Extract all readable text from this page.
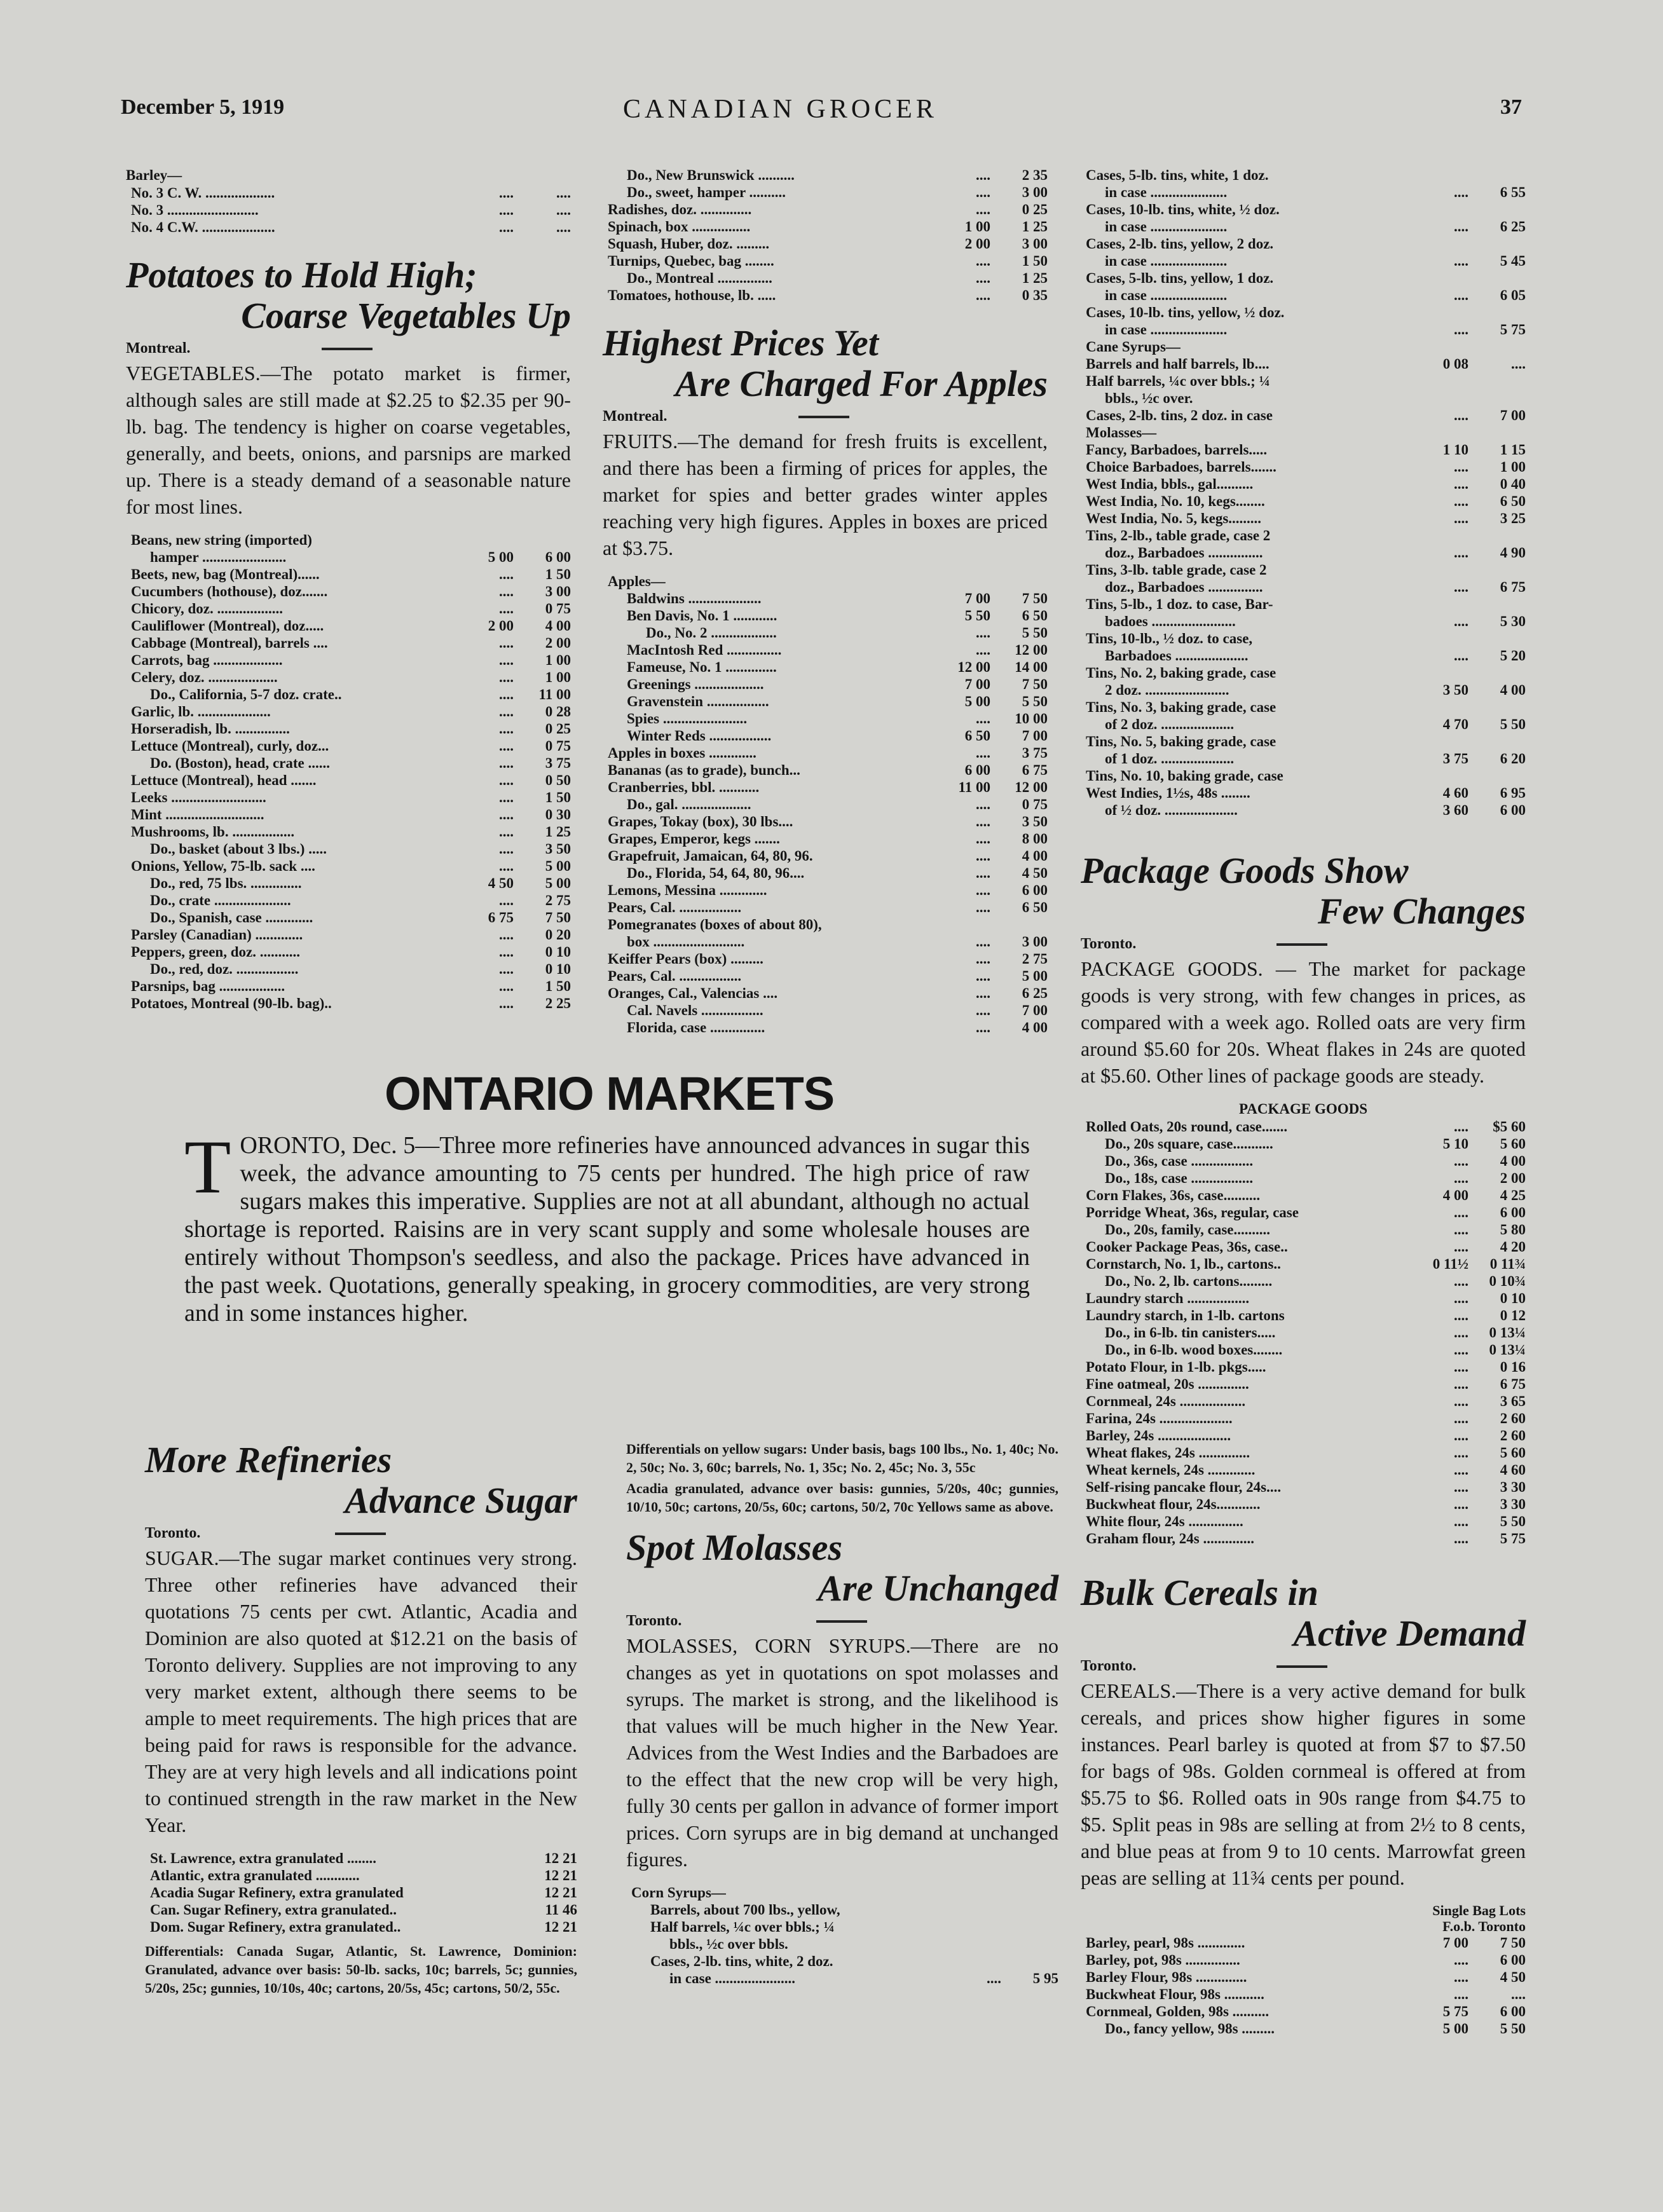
December 5, 1919	CANADIAN GROCER	37
Barley—
No. 3 C. W. ...................	....	....
No. 3 .........................	....	....
No. 4 C.W. ....................	....	....
Potatoes to Hold High;
Coarse Vegetables Up
Montreal.
VEGETABLES.—The potato market is firmer, although sales are still made at $2.25 to $2.35 per 90-lb. bag. The tendency is higher on coarse vegetables, generally, and beets, onions, and parsnips are marked up. There is a steady demand of a seasonable nature for most lines.
Beans, new string (imported)		
hamper .......................	5 00	6 00
Beets, new, bag (Montreal)......	....	1 50
Cucumbers (hothouse), doz.......	....	3 00
Chicory, doz. ..................	....	0 75
Cauliflower (Montreal), doz.....	2 00	4 00
Cabbage (Montreal), barrels ....	....	2 00
Carrots, bag ...................	....	1 00
Celery, doz. ...................	....	1 00
Do., California, 5-7 doz. crate..	....	11 00
Garlic, lb. ....................	....	0 28
Horseradish, lb. ...............	....	0 25
Lettuce (Montreal), curly, doz...	....	0 75
Do. (Boston), head, crate ......	....	3 75
Lettuce (Montreal), head .......	....	0 50
Leeks ..........................	....	1 50
Mint ...........................	....	0 30
Mushrooms, lb. .................	....	1 25
Do., basket (about 3 lbs.) .....	....	3 50
Onions, Yellow, 75-lb. sack ....	....	5 00
Do., red, 75 lbs. ..............	4 50	5 00
Do., crate .....................	....	2 75
Do., Spanish, case .............	6 75	7 50
Parsley (Canadian) .............	....	0 20
Peppers, green, doz. ...........	....	0 10
Do., red, doz. .................	....	0 10
Parsnips, bag ..................	....	1 50
Potatoes, Montreal (90-lb. bag)..	....	2 25
Do., New Brunswick ..........	....	2 35
Do., sweet, hamper ..........	....	3 00
Radishes, doz. ..............	....	0 25
Spinach, box ................	1 00	1 25
Squash, Huber, doz. .........	2 00	3 00
Turnips, Quebec, bag ........	....	1 50
Do., Montreal ...............	....	1 25
Tomatoes, hothouse, lb. .....	....	0 35
Highest Prices Yet
Are Charged For Apples
Montreal.
FRUITS.—The demand for fresh fruits is excellent, and there has been a firming of prices for apples, the market for spies and better grades winter apples reaching very high figures. Apples in boxes are priced at $3.75.
Apples—		
Baldwins ....................	7 00	7 50
Ben Davis, No. 1 ............	5 50	6 50
Do., No. 2 ..................	....	5 50
MacIntosh Red ...............	....	12 00
Fameuse, No. 1 ..............	12 00	14 00
Greenings ...................	7 00	7 50
Gravenstein .................	5 00	5 50
Spies .......................	....	10 00
Winter Reds .................	6 50	7 00
Apples in boxes .............	....	3 75
Bananas (as to grade), bunch...	6 00	6 75
Cranberries, bbl. ...........	11 00	12 00
Do., gal. ...................	....	0 75
Grapes, Tokay (box), 30 lbs....	....	3 50
Grapes, Emperor, kegs .......	....	8 00
Grapefruit, Jamaican, 64, 80, 96.	....	4 00
Do., Florida, 54, 64, 80, 96....	....	4 50
Lemons, Messina .............	....	6 00
Pears, Cal. .................	....	6 50
Pomegranates (boxes of about 80),		
box .........................	....	3 00
Keiffer Pears (box) .........	....	2 75
Pears, Cal. .................	....	5 00
Oranges, Cal., Valencias ....	....	6 25
Cal. Navels .................	....	7 00
Florida, case ...............	....	4 00
Cases, 5-lb. tins, white, 1 doz.		
in case .....................	....	6 55
Cases, 10-lb. tins, white, ½ doz.		
in case .....................	....	6 25
Cases, 2-lb. tins, yellow, 2 doz.		
in case .....................	....	5 45
Cases, 5-lb. tins, yellow, 1 doz.		
in case .....................	....	6 05
Cases, 10-lb. tins, yellow, ½ doz.		
in case .....................	....	5 75
Cane Syrups—		
Barrels and half barrels, lb....	0 08	....
Half barrels, ¼c over bbls.; ¼		
bbls., ½c over.		
Cases, 2-lb. tins, 2 doz. in case	....	7 00
Molasses—		
Fancy, Barbadoes, barrels.....	1 10	1 15
Choice Barbadoes, barrels.......	....	1 00
West India, bbls., gal..........	....	0 40
West India, No. 10, kegs........	....	6 50
West India, No. 5, kegs.........	....	3 25
Tins, 2-lb., table grade, case 2		
doz., Barbadoes ...............	....	4 90
Tins, 3-lb. table grade, case 2		
doz., Barbadoes ...............	....	6 75
Tins, 5-lb., 1 doz. to case, Bar-		
badoes .......................	....	5 30
Tins, 10-lb., ½ doz. to case,		
Barbadoes ....................	....	5 20
Tins, No. 2, baking grade, case		
2 doz. .......................	3 50	4 00
Tins, No. 3, baking grade, case		
of 2 doz. ....................	4 70	5 50
Tins, No. 5, baking grade, case		
of 1 doz. ....................	3 75	6 20
Tins, No. 10, baking grade, case		
West Indies, 1½s, 48s ........	4 60	6 95
of ½ doz. ....................	3 60	6 00
Package Goods Show
Few Changes
Toronto.
PACKAGE GOODS. — The market for package goods is very strong, with few changes in prices, as compared with a week ago. Rolled oats are very firm around $5.60 for 20s. Wheat flakes in 24s are quoted at $5.60. Other lines of package goods are steady.
PACKAGE GOODS
Rolled Oats, 20s round, case.......	....	$5 60
Do., 20s square, case...........	5 10	5 60
Do., 36s, case .................	....	4 00
Do., 18s, case .................	....	2 00
Corn Flakes, 36s, case..........	4 00	4 25
Porridge Wheat, 36s, regular, case	....	6 00
Do., 20s, family, case..........	....	5 80
Cooker Package Peas, 36s, case..	....	4 20
Cornstarch, No. 1, lb., cartons..	0 11½	0 11¾
Do., No. 2, lb. cartons.........	....	0 10¾
Laundry starch .................	....	0 10
Laundry starch, in 1-lb. cartons	....	0 12
Do., in 6-lb. tin canisters.....	....	0 13¼
Do., in 6-lb. wood boxes........	....	0 13¼
Potato Flour, in 1-lb. pkgs.....	....	0 16
Fine oatmeal, 20s ..............	....	6 75
Cornmeal, 24s ..................	....	3 65
Farina, 24s ....................	....	2 60
Barley, 24s ....................	....	2 60
Wheat flakes, 24s ..............	....	5 60
Wheat kernels, 24s .............	....	4 60
Self-rising pancake flour, 24s....	....	3 30
Buckwheat flour, 24s............	....	3 30
White flour, 24s ...............	....	5 50
Graham flour, 24s ..............	....	5 75
Bulk Cereals in
Active Demand
Toronto.
CEREALS.—There is a very active demand for bulk cereals, and prices show higher figures in some instances. Pearl barley is quoted at from $7 to $7.50 for bags of 98s. Golden cornmeal is offered at from $5.75 to $6. Rolled oats in 90s range from $4.75 to $5. Split peas in 98s are selling at from 2½ to 8 cents, and blue peas at from 9 to 10 cents. Marrowfat green peas are selling at 11¾ cents per pound.
Single Bag Lots
F.o.b. Toronto
Barley, pearl, 98s .............	7 00	7 50
Barley, pot, 98s ...............	....	6 00
Barley Flour, 98s ..............	....	4 50
Buckwheat Flour, 98s ...........	....	....
Cornmeal, Golden, 98s ..........	5 75	6 00
Do., fancy yellow, 98s .........	5 00	5 50
ONTARIO MARKETS
TORONTO, Dec. 5—Three more refineries have announced advances in sugar this week, the advance amounting to 75 cents per hundred. The high price of raw sugars makes this imperative. Supplies are not at all abundant, although no actual shortage is reported. Raisins are in very scant supply and some wholesale houses are entirely without Thompson's seedless, and also the package. Prices have advanced in the past week. Quotations, generally speaking, in grocery commodities, are very strong and in some instances higher.
More Refineries
Advance Sugar
Toronto.
SUGAR.—The sugar market continues very strong. Three other refineries have advanced their quotations 75 cents per cwt. Atlantic, Acadia and Dominion are also quoted at $12.21 on the basis of Toronto delivery. Supplies are not improving to any very market extent, although there seems to be ample to meet requirements. The high prices that are being paid for raws is responsible for the advance. They are at very high levels and all indications point to continued strength in the raw market in the New Year.
St. Lawrence, extra granulated ........		12 21
Atlantic, extra granulated ............		12 21
Acadia Sugar Refinery, extra granulated		12 21
Can. Sugar Refinery, extra granulated..		11 46
Dom. Sugar Refinery, extra granulated..		12 21
Differentials: Canada Sugar, Atlantic, St. Lawrence, Dominion: Granulated, advance over basis: 50-lb. sacks, 10c; barrels, 5c; gunnies, 5/20s, 25c; gunnies, 10/10s, 40c; cartons, 20/5s, 45c; cartons, 50/2, 55c.
Differentials on yellow sugars: Under basis, bags 100 lbs., No. 1, 40c; No. 2, 50c; No. 3, 60c; barrels, No. 1, 35c; No. 2, 45c; No. 3, 55c
Acadia granulated, advance over basis: gunnies, 5/20s, 40c; gunnies, 10/10, 50c; cartons, 20/5s, 60c; cartons, 50/2, 70c Yellows same as above.
Spot Molasses
Are Unchanged
Toronto.
MOLASSES, CORN SYRUPS.—There are no changes as yet in quotations on spot molasses and syrups. The market is strong, and the likelihood is that values will be much higher in the New Year. Advices from the West Indies and the Barbadoes are to the effect that the new crop will be very high, fully 30 cents per gallon in advance of former import prices. Corn syrups are in big demand at unchanged figures.
Corn Syrups—		
Barrels, about 700 lbs., yellow,		
Half barrels, ¼c over bbls.; ¼		
bbls., ½c over bbls.		
Cases, 2-lb. tins, white, 2 doz.		
in case ......................	....	5 95
